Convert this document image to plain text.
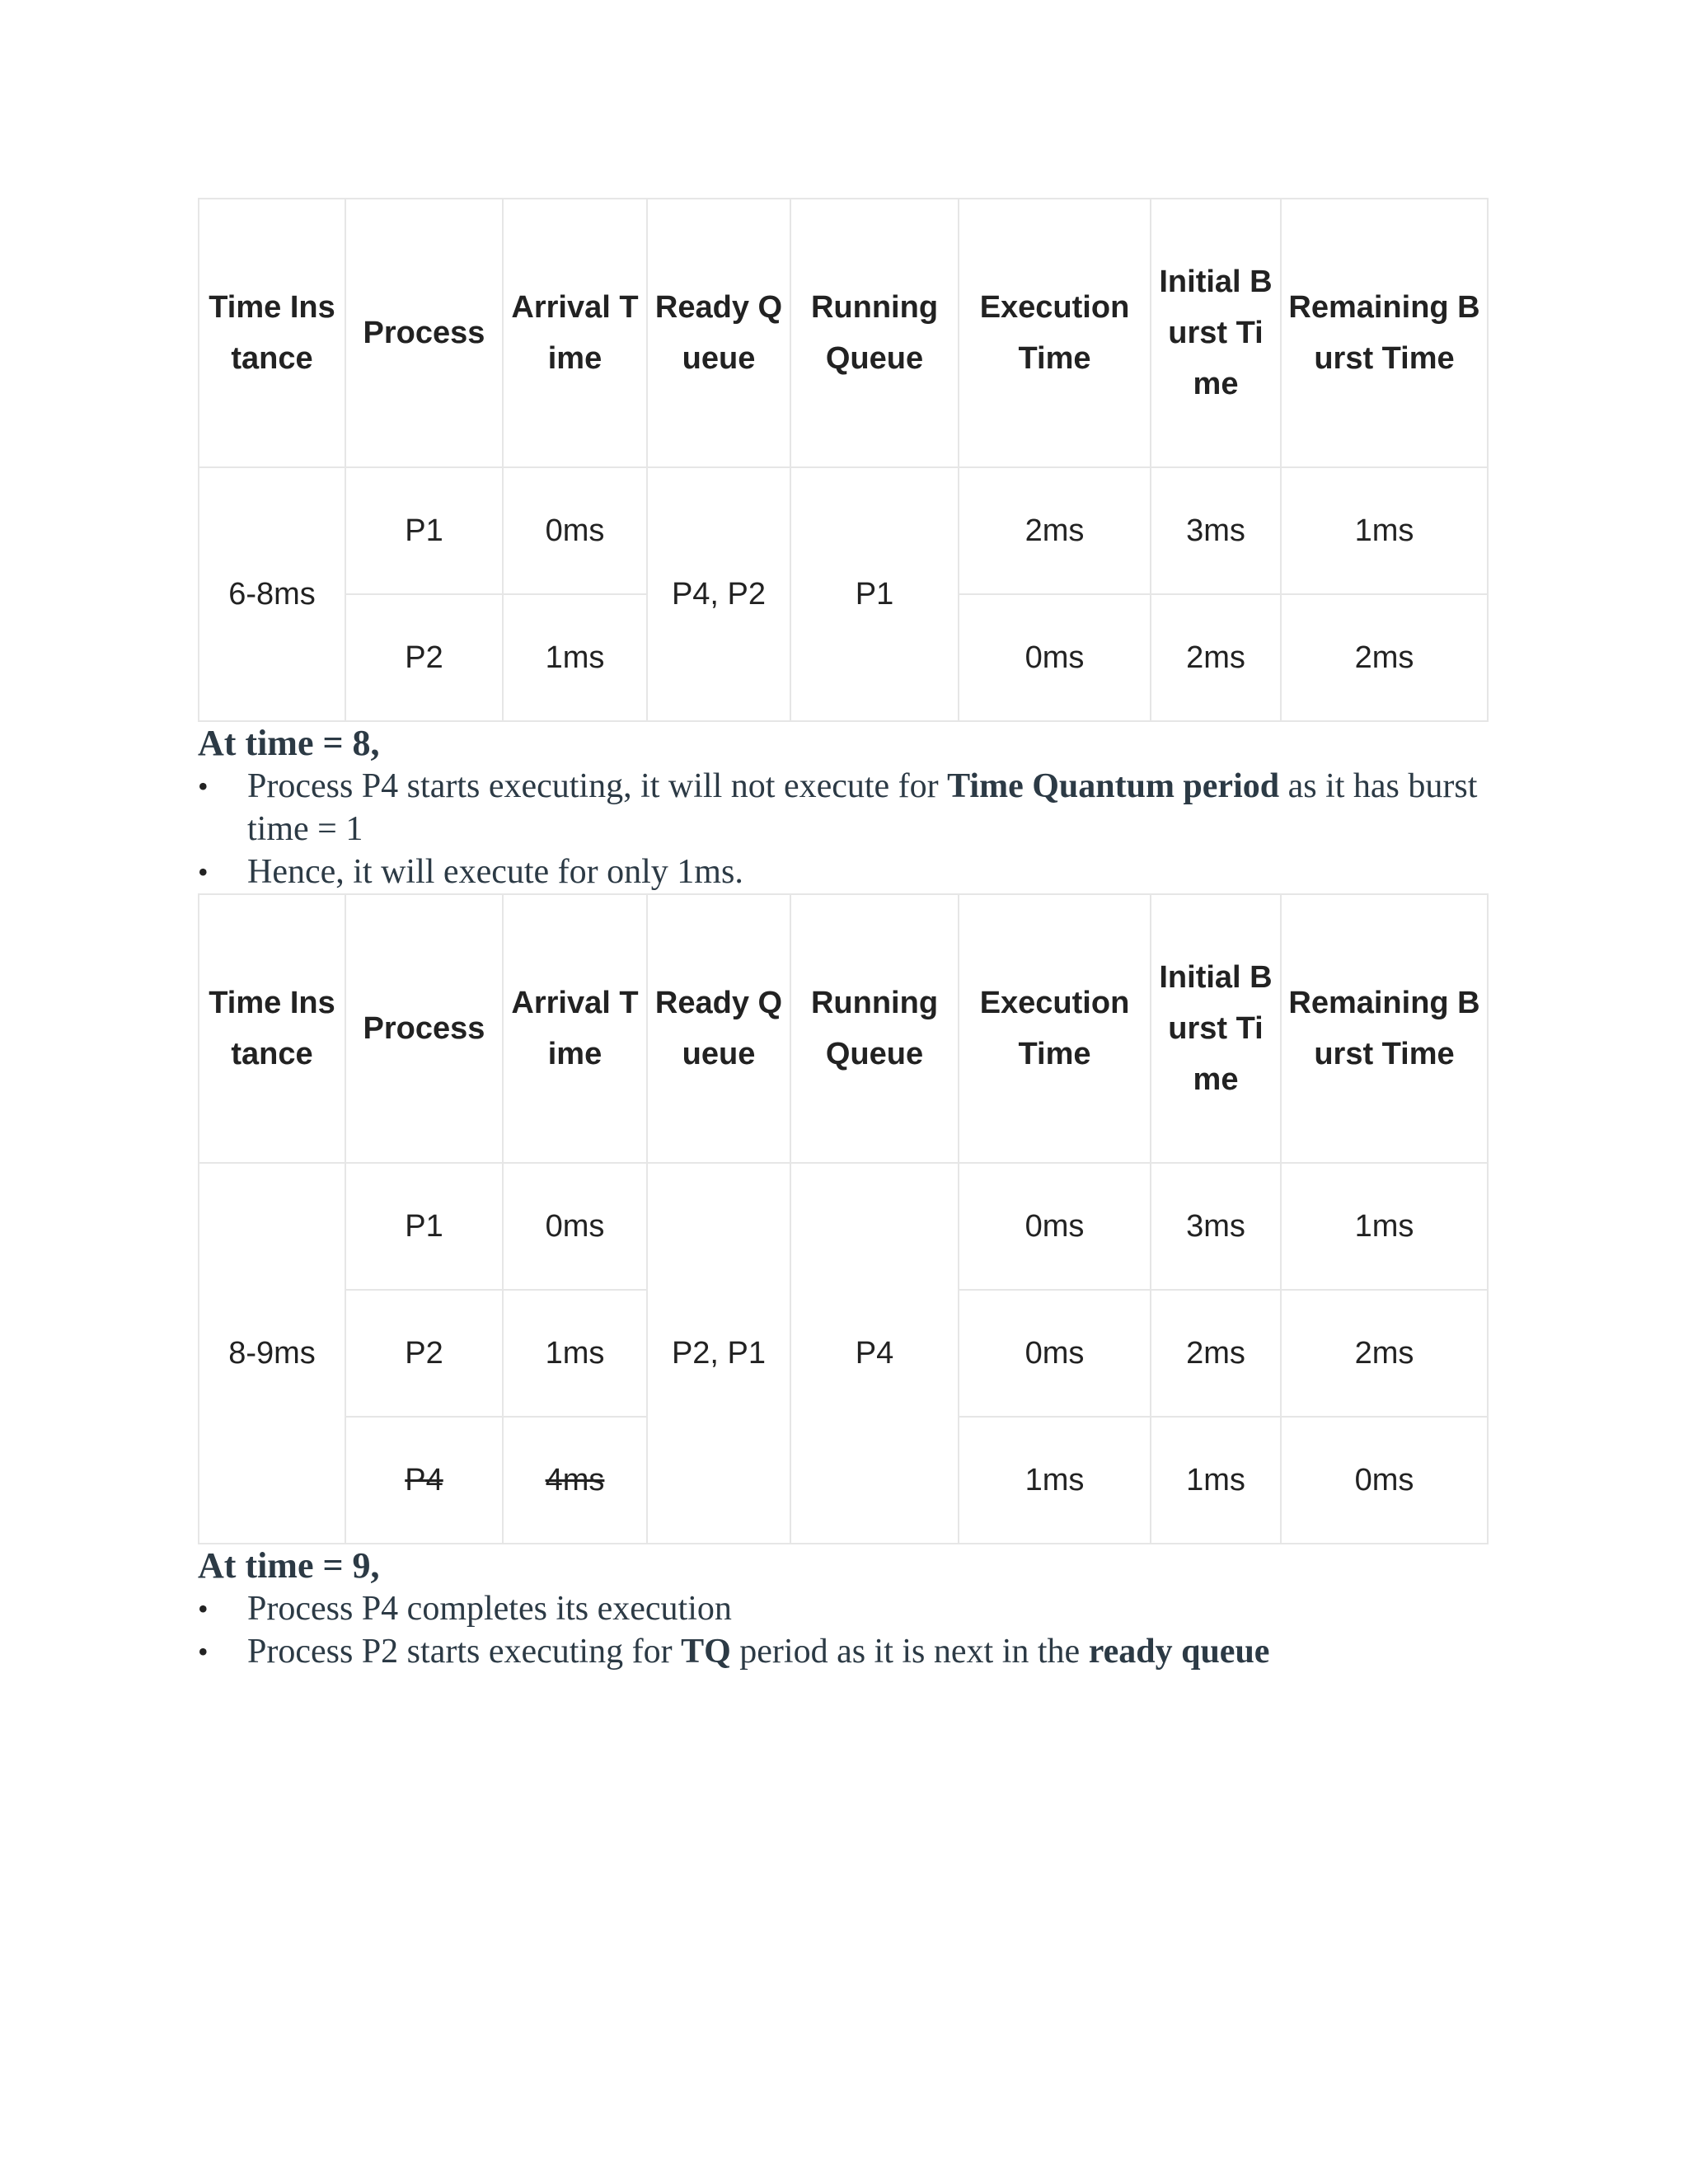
Time Instance	Process	Arrival Time	Ready Queue	Running Queue	Execution Time	Initial Burst Time	Remaining Burst Time
6-8ms	P1	0ms	P4, P2	P1	2ms	3ms	1ms
	P2	1ms			0ms	2ms	2ms
At time = 8,
• Process P4 starts executing, it will not execute for Time Quantum period as it has burst time = 1
• Hence, it will execute for only 1ms.
Time Instance	Process	Arrival Time	Ready Queue	Running Queue	Execution Time	Initial Burst Time	Remaining Burst Time
8-9ms	P1	0ms	P2, P1	P4	0ms	3ms	1ms
	P2	1ms			0ms	2ms	2ms
	P4	4ms			1ms	1ms	0ms
At time = 9,
• Process P4 completes its execution
• Process P2 starts executing for TQ period as it is next in the ready queue
